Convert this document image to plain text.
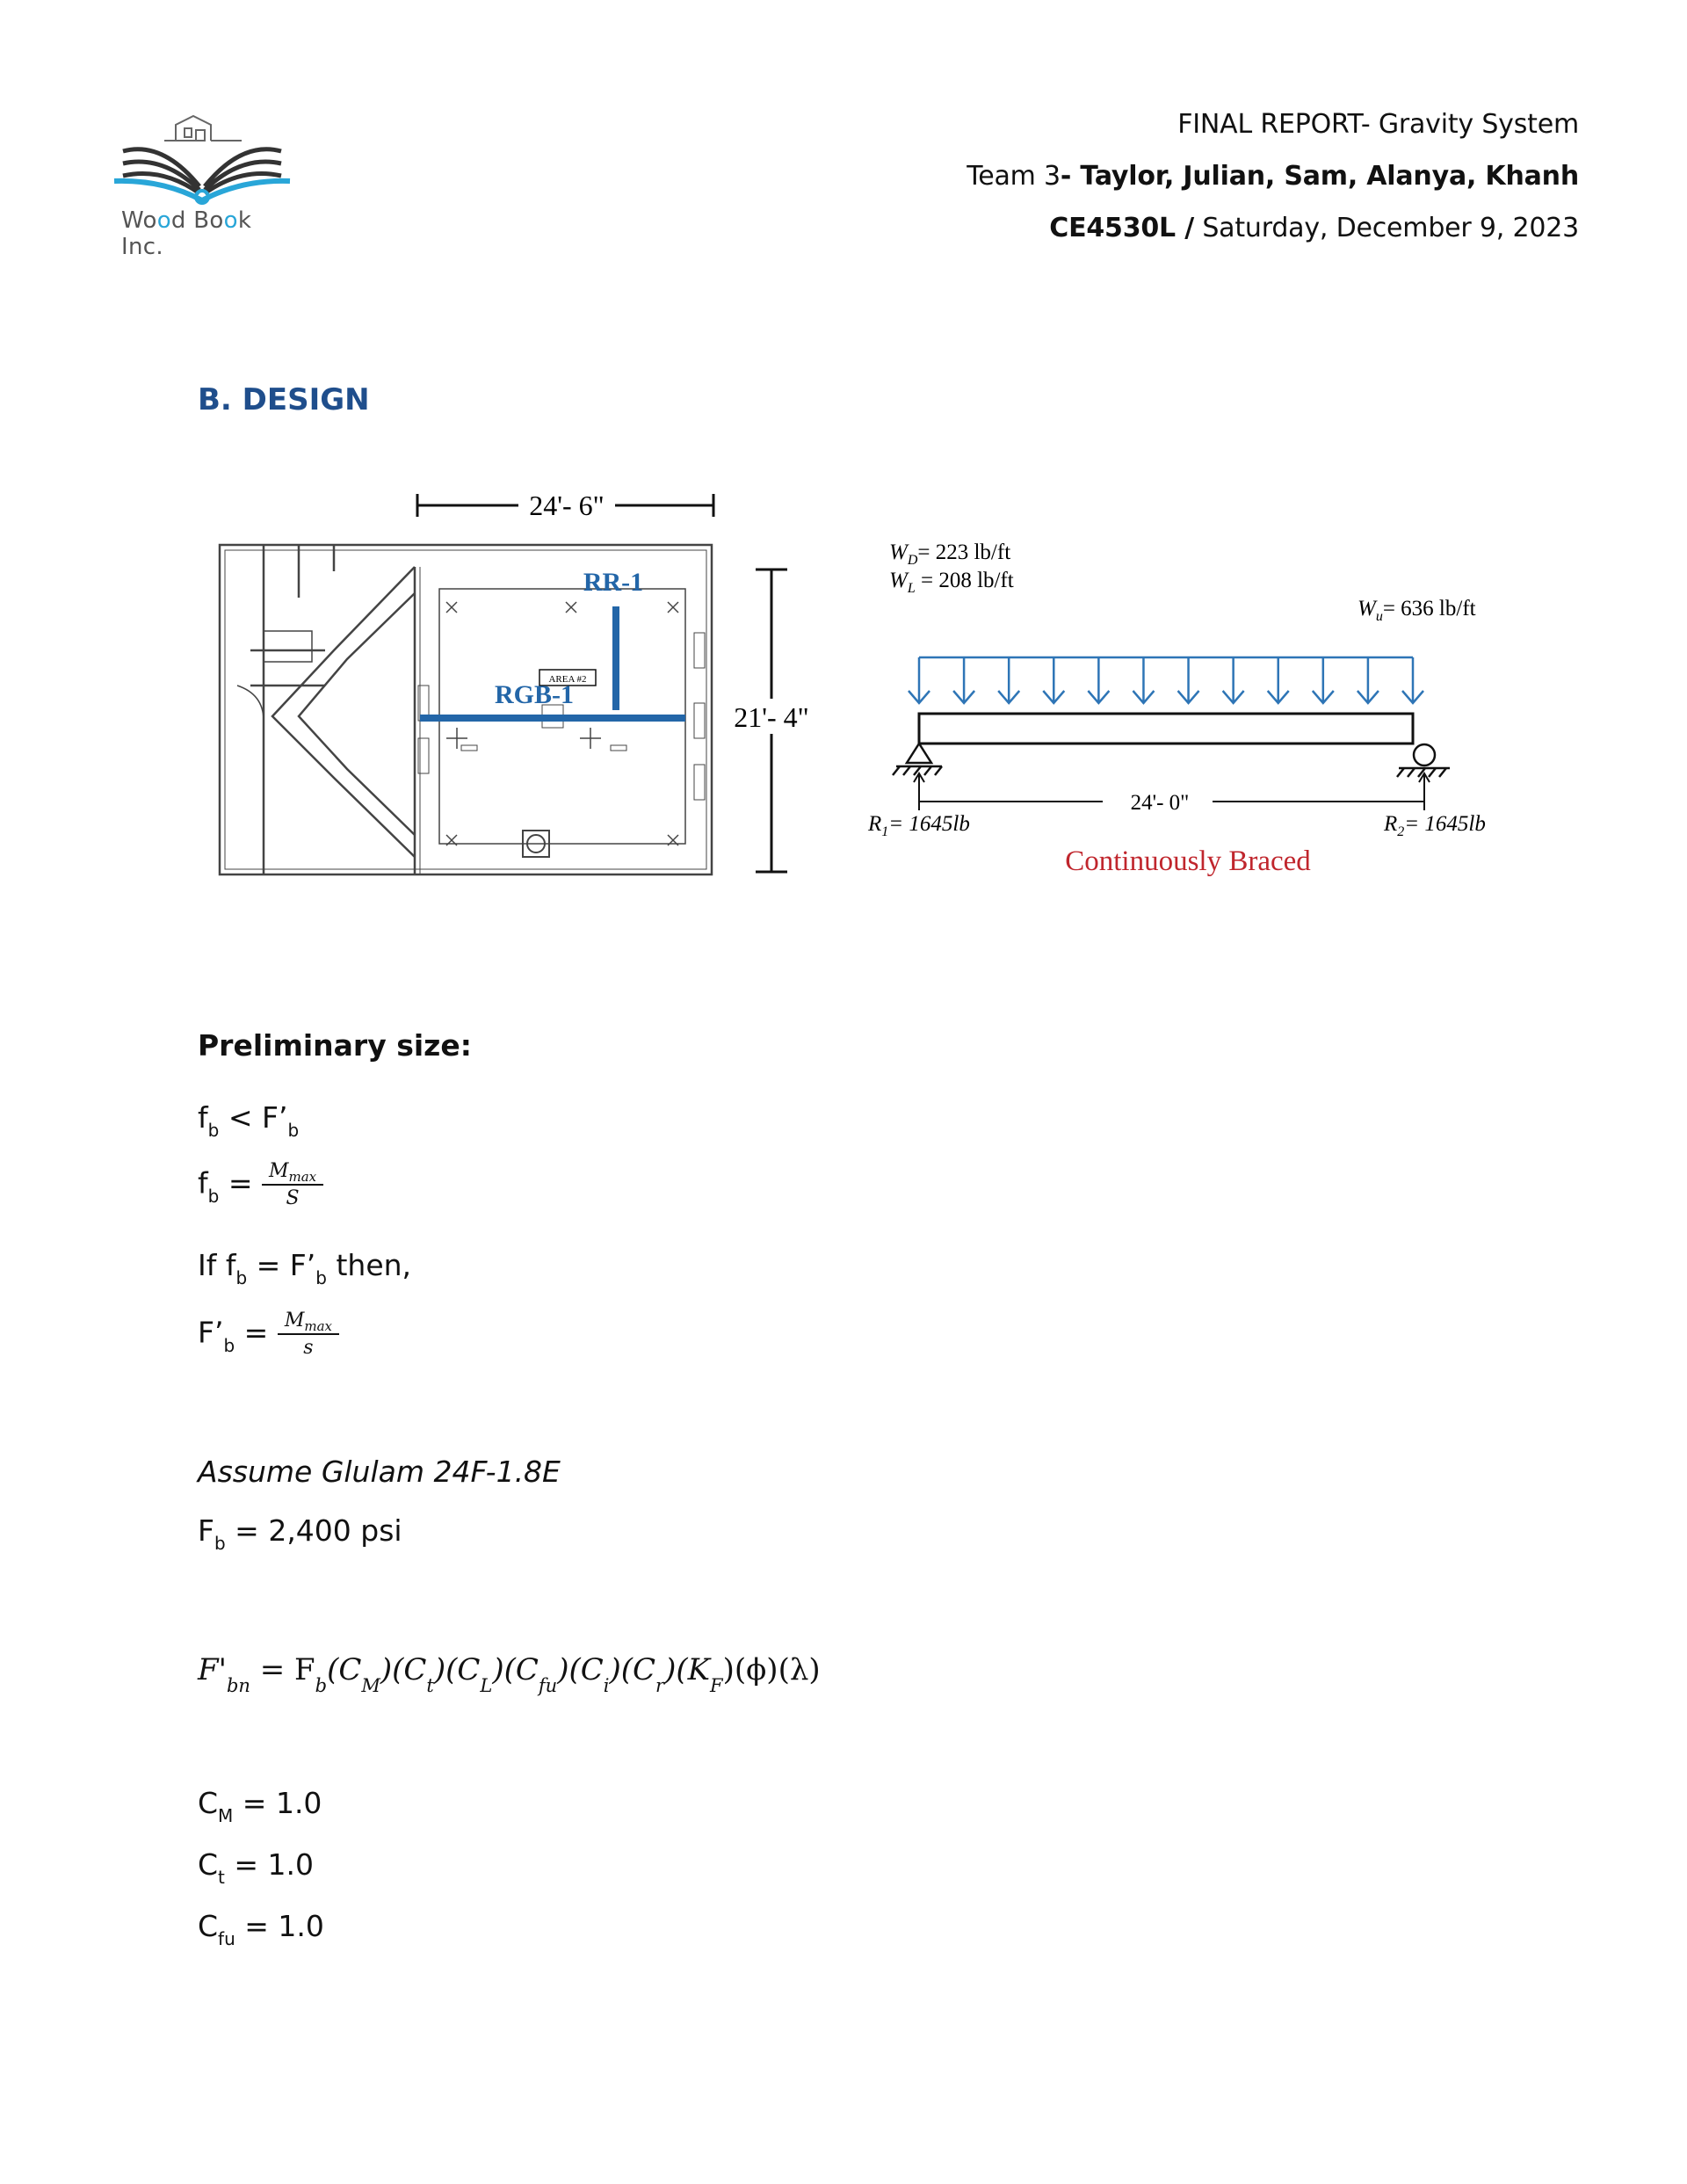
Wood Book Inc.
FINAL REPORT- Gravity System
Team 3- Taylor, Julian, Sam, Alanya, Khanh
CE4530L / Saturday, December 9, 2023
B. DESIGN
24'- 6"
21'- 4"
AREA #2
RR-1
RGB-1
$W_D= 223$ lb/ft
$W_L = 208$ lb/ft
$W_u= 636$ lb/ft
24'- 0"
$R_1= 1645lb$	$R_2= 1645lb$
Continuously Braced
Preliminary size:
$f_b$ < $F’_b$
$f_b = \frac{M_{max}}{S}$
If $f_b$ = $F’_b$ then,
$F’_b = \frac{M_{max}}{s}$
Assume Glulam 24F-1.8E
$F_b = 2,400$ psi
$F'_{bn} = F_b(C_M)(C_t)(C_L)(C_{fu})(C_i)(C_r)(K_F)(\phi)(\lambda)$
$C_M = 1.0$
$C_t = 1.0$
$C_{fu} = 1.0$
